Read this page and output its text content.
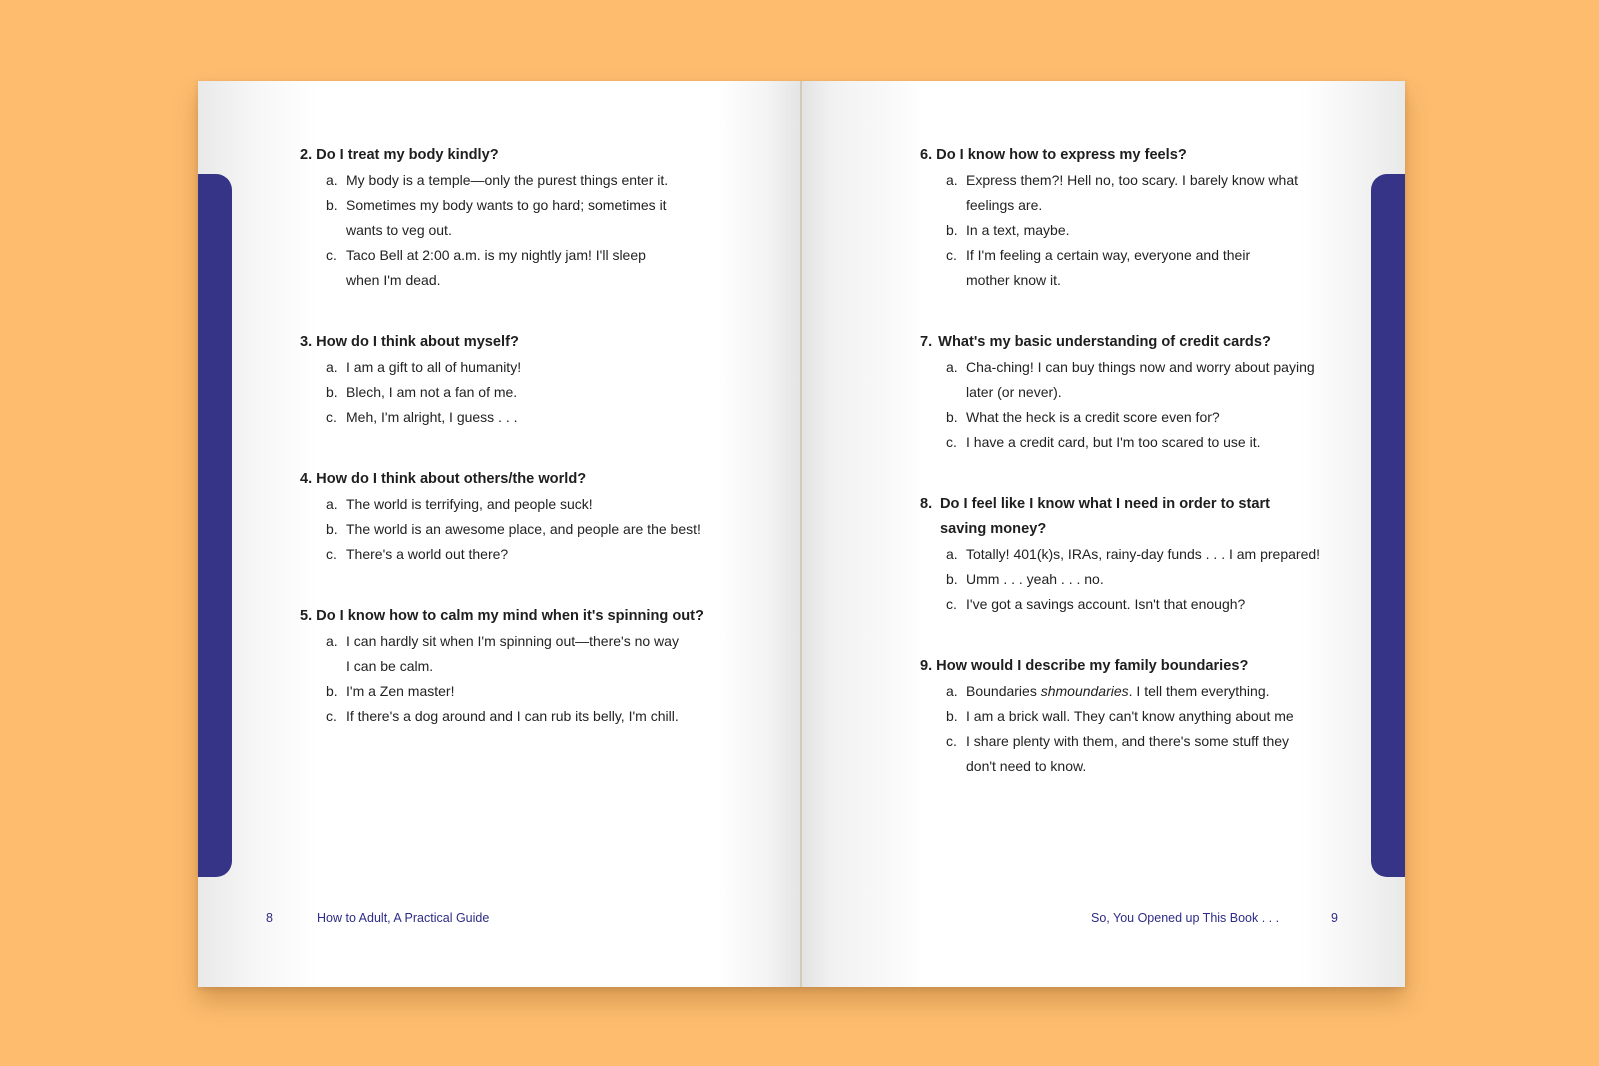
2. Do I treat my body kindly?
a. My body is a temple—only the purest things enter it.
b. Sometimes my body wants to go hard; sometimes it
wants to veg out.
c. Taco Bell at 2:00 a.m. is my nightly jam! I'll sleep
when I'm dead.
3. How do I think about myself?
a. I am a gift to all of humanity!
b. Blech, I am not a fan of me.
c. Meh, I'm alright, I guess . . .
4. How do I think about others/the world?
a. The world is terrifying, and people suck!
b. The world is an awesome place, and people are the best!
c. There's a world out there?
5. Do I know how to calm my mind when it's spinning out?
a. I can hardly sit when I'm spinning out—there's no way
I can be calm.
b. I'm a Zen master!
c. If there's a dog around and I can rub its belly, I'm chill.
8	How to Adult, A Practical Guide
6. Do I know how to express my feels?
a. Express them?! Hell no, too scary. I barely know what
feelings are.
b. In a text, maybe.
c. If I'm feeling a certain way, everyone and their
mother know it.
7. What's my basic understanding of credit cards?
a. Cha-ching! I can buy things now and worry about paying
later (or never).
b. What the heck is a credit score even for?
c. I have a credit card, but I'm too scared to use it.
8. Do I feel like I know what I need in order to start
saving money?
a. Totally! 401(k)s, IRAs, rainy-day funds . . . I am prepared!
b. Umm . . . yeah . . . no.
c. I've got a savings account. Isn't that enough?
9. How would I describe my family boundaries?
a. Boundaries shmoundaries. I tell them everything.
b. I am a brick wall. They can't know anything about me
c. I share plenty with them, and there's some stuff they
don't need to know.
So, You Opened up This Book . . .	9
